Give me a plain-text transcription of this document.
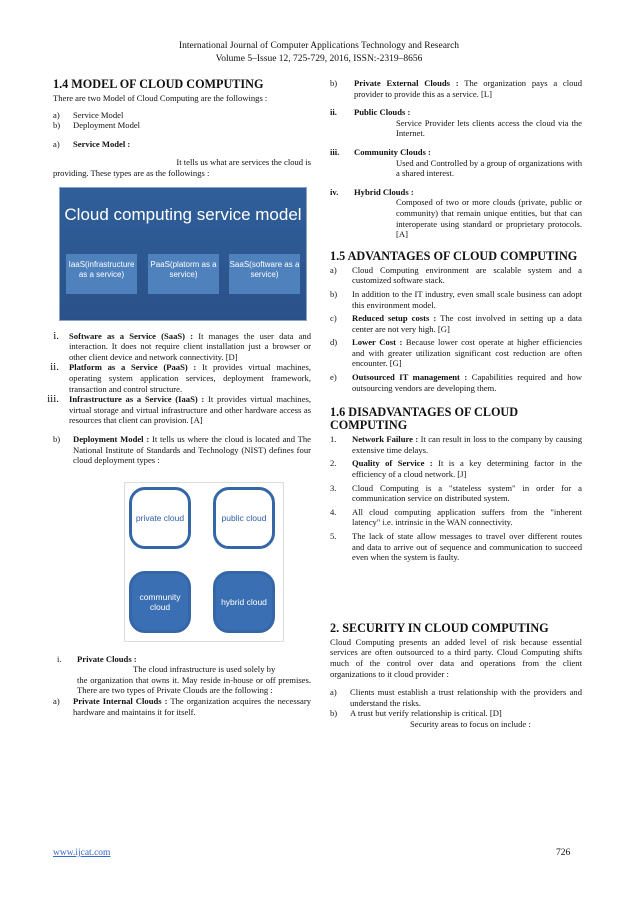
International Journal of Computer Applications Technology and Research
Volume 5–Issue 12, 725-729, 2016, ISSN:-2319–8656
1.4 MODEL OF CLOUD COMPUTING

There are two Model of Cloud Computing are the followings :

a)	Service Model
b)	Deployment Model
a)	Service Model :

It tells us what are services the cloud is

providing. These types are as the followings :

Cloud computing service model
IaaS(infrastructure as a service)
PaaS(platorm as a service)
SaaS(software as a service)
i.	Software as a Service (SaaS) : It manages the user data and interaction. It does not require client installation just a browser or other client device and network connectivity. [D]
ii.	Platform as a Service (PaaS) : It provides virtual machines, operating system application services, deployment framework, transaction and control structure.
iii.	Infrastructure as a Service (IaaS) : It provides virtual machines, virtual storage and virtual infrastructure and other hardware access as resources that client can provision. [A]
b)	Deployment Model : It tells us where the cloud is located and The National Institute of Standards and Technology (NIST) defines four cloud deployment types :
private cloud	public cloud
community cloud	hybrid cloud
i.	Private Clouds :

The cloud infrastructure is used solely by

the organization that owns it. May reside in-house or off premises. There are two types of Private Clouds are the following :

a)	Private Internal Clouds : The organization acquires the necessary hardware and maintains it for itself.
b)	Private External Clouds : The organization pays a cloud provider to provide this as a service. [L]
ii.	Public Clouds :

Service Provider lets clients access the cloud via the Internet.

iii.	Community Clouds :

Used and Controlled by a group of organizations with a shared interest.

iv.	Hybrid Clouds :

Composed of two or more clouds (private, public or community) that remain unique entities, but that can interoperate using standard or proprietary protocols. [A]

1.5 ADVANTAGES OF CLOUD COMPUTING
a)	Cloud Computing environment are scalable system and a customized software stack.
b)	In addition to the IT industry, even small scale business can adopt this environment model.
c)	Reduced setup costs : The cost involved in setting up a data center are not very high. [G]
d)	Lower Cost : Because lower cost operate at higher efficiencies and with greater utilization significant cost reduction are often encounter. [G]
e)	Outsourced IT management : Capabilities required and how outsourcing vendors are developing them.
1.6 DISADVANTAGES OF CLOUD COMPUTING
1.	Network Failure : It can result in loss to the company by causing extensive time delays.
2.	Quality of Service : It is a key determining factor in the efficiency of a cloud network. [J]
3.	Cloud Computing is a "stateless system" in order for a communication service on distributed system.
4.	All cloud computing application suffers from the "inherent latency" i.e. intrinsic in the WAN connectivity.
5.	The lack of state allow messages to travel over different routes and data to arrive out of sequence and communication to succeed even when the system is faulty.
2. SECURITY IN CLOUD COMPUTING

Cloud Computing presents an added level of risk because essential services are often outsourced to a third party. Cloud Computing shifts much of the control over data and operations from the client organizations to it cloud provider :

a)	Clients must establish a trust relationship with the providers and understand the risks.
b)	A trust but verify relationship is critical. [D]

Security areas to focus on include :

www.ijcat.com	726
